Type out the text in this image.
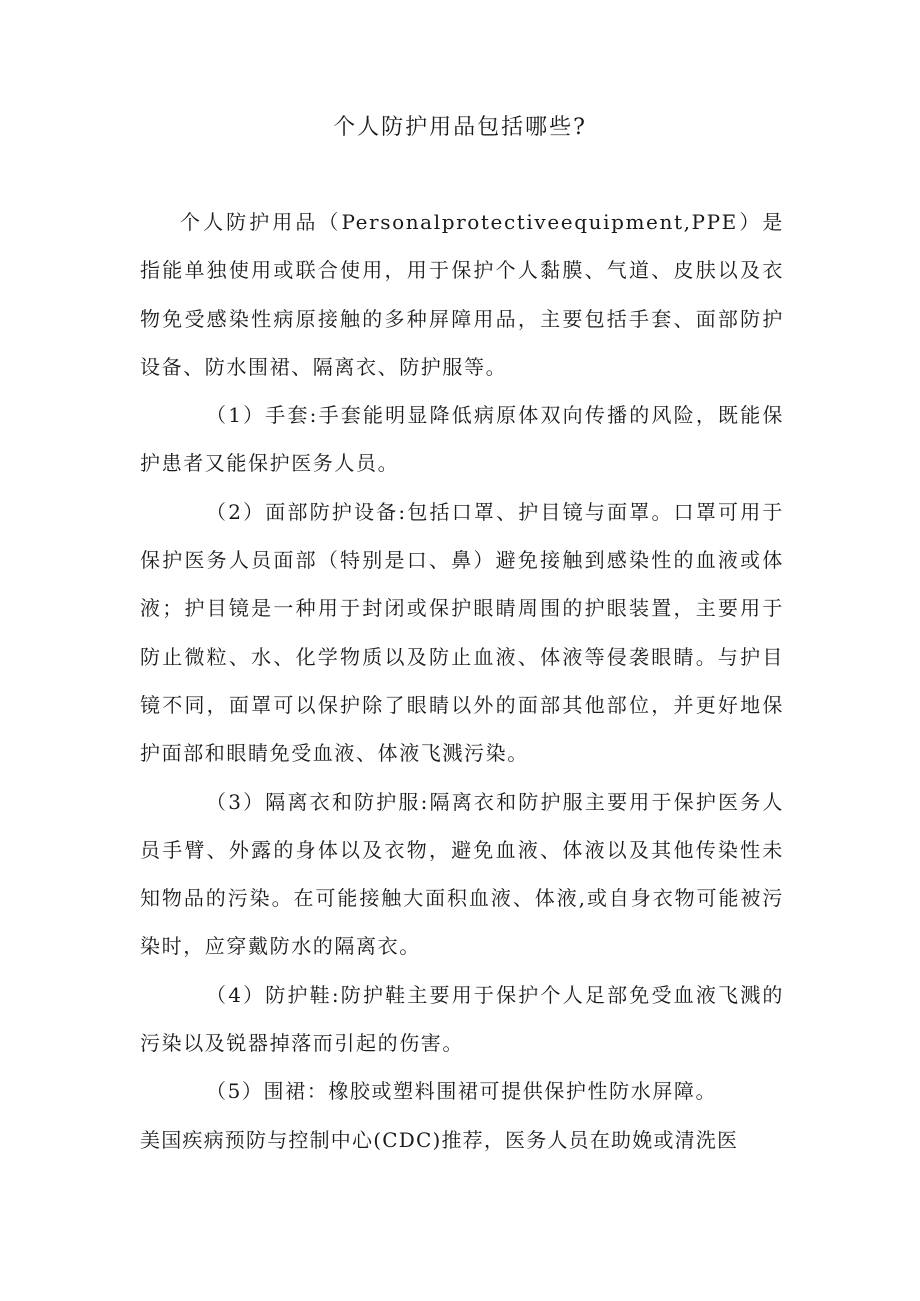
个人防护用品包括哪些?

个人防护用品（Personalprotectiveequipment,PPE）是指能单独使用或联合使用，用于保护个人黏膜、气道、皮肤以及衣物免受感染性病原接触的多种屏障用品，主要包括手套、面部防护设备、防水围裙、隔离衣、防护服等。

（1）手套:手套能明显降低病原体双向传播的风险，既能保护患者又能保护医务人员。

（2）面部防护设备:包括口罩、护目镜与面罩。口罩可用于保护医务人员面部（特别是口、鼻）避免接触到感染性的血液或体液；护目镜是一种用于封闭或保护眼睛周围的护眼装置，主要用于防止微粒、水、化学物质以及防止血液、体液等侵袭眼睛。与护目镜不同，面罩可以保护除了眼睛以外的面部其他部位，并更好地保护面部和眼睛免受血液、体液飞溅污染。

（3）隔离衣和防护服:隔离衣和防护服主要用于保护医务人员手臂、外露的身体以及衣物，避免血液、体液以及其他传染性未知物品的污染。在可能接触大面积血液、体液,或自身衣物可能被污染时，应穿戴防水的隔离衣。

（4）防护鞋:防护鞋主要用于保护个人足部免受血液飞溅的污染以及锐器掉落而引起的伤害。

（5）围裙：橡胶或塑料围裙可提供保护性防水屏障。

美国疾病预防与控制中心(CDC)推荐，医务人员在助娩或清洗医
